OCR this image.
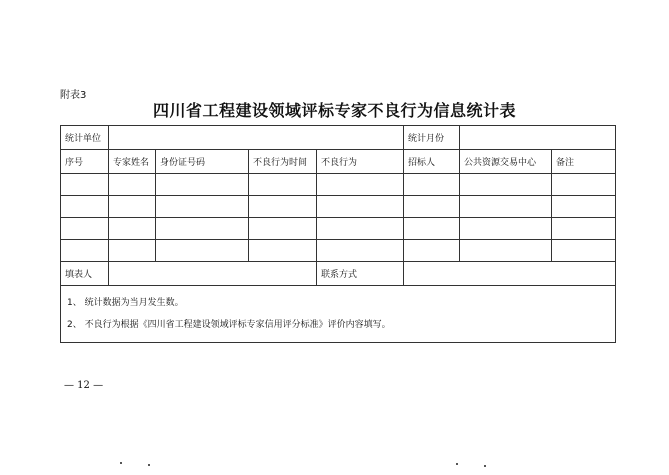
附表3
四川省工程建设领域评标专家不良行为信息统计表
统计单位					统计月份		
序号	专家姓名	身份证号码	不良行为时间	不良行为	招标人	公共资源交易中心	备注

填表人				联系方式			

1、 统计数据为当月发生数。
2、 不良行为根据《四川省工程建设领域评标专家信用评分标准》评价内容填写。							
— 12 —
